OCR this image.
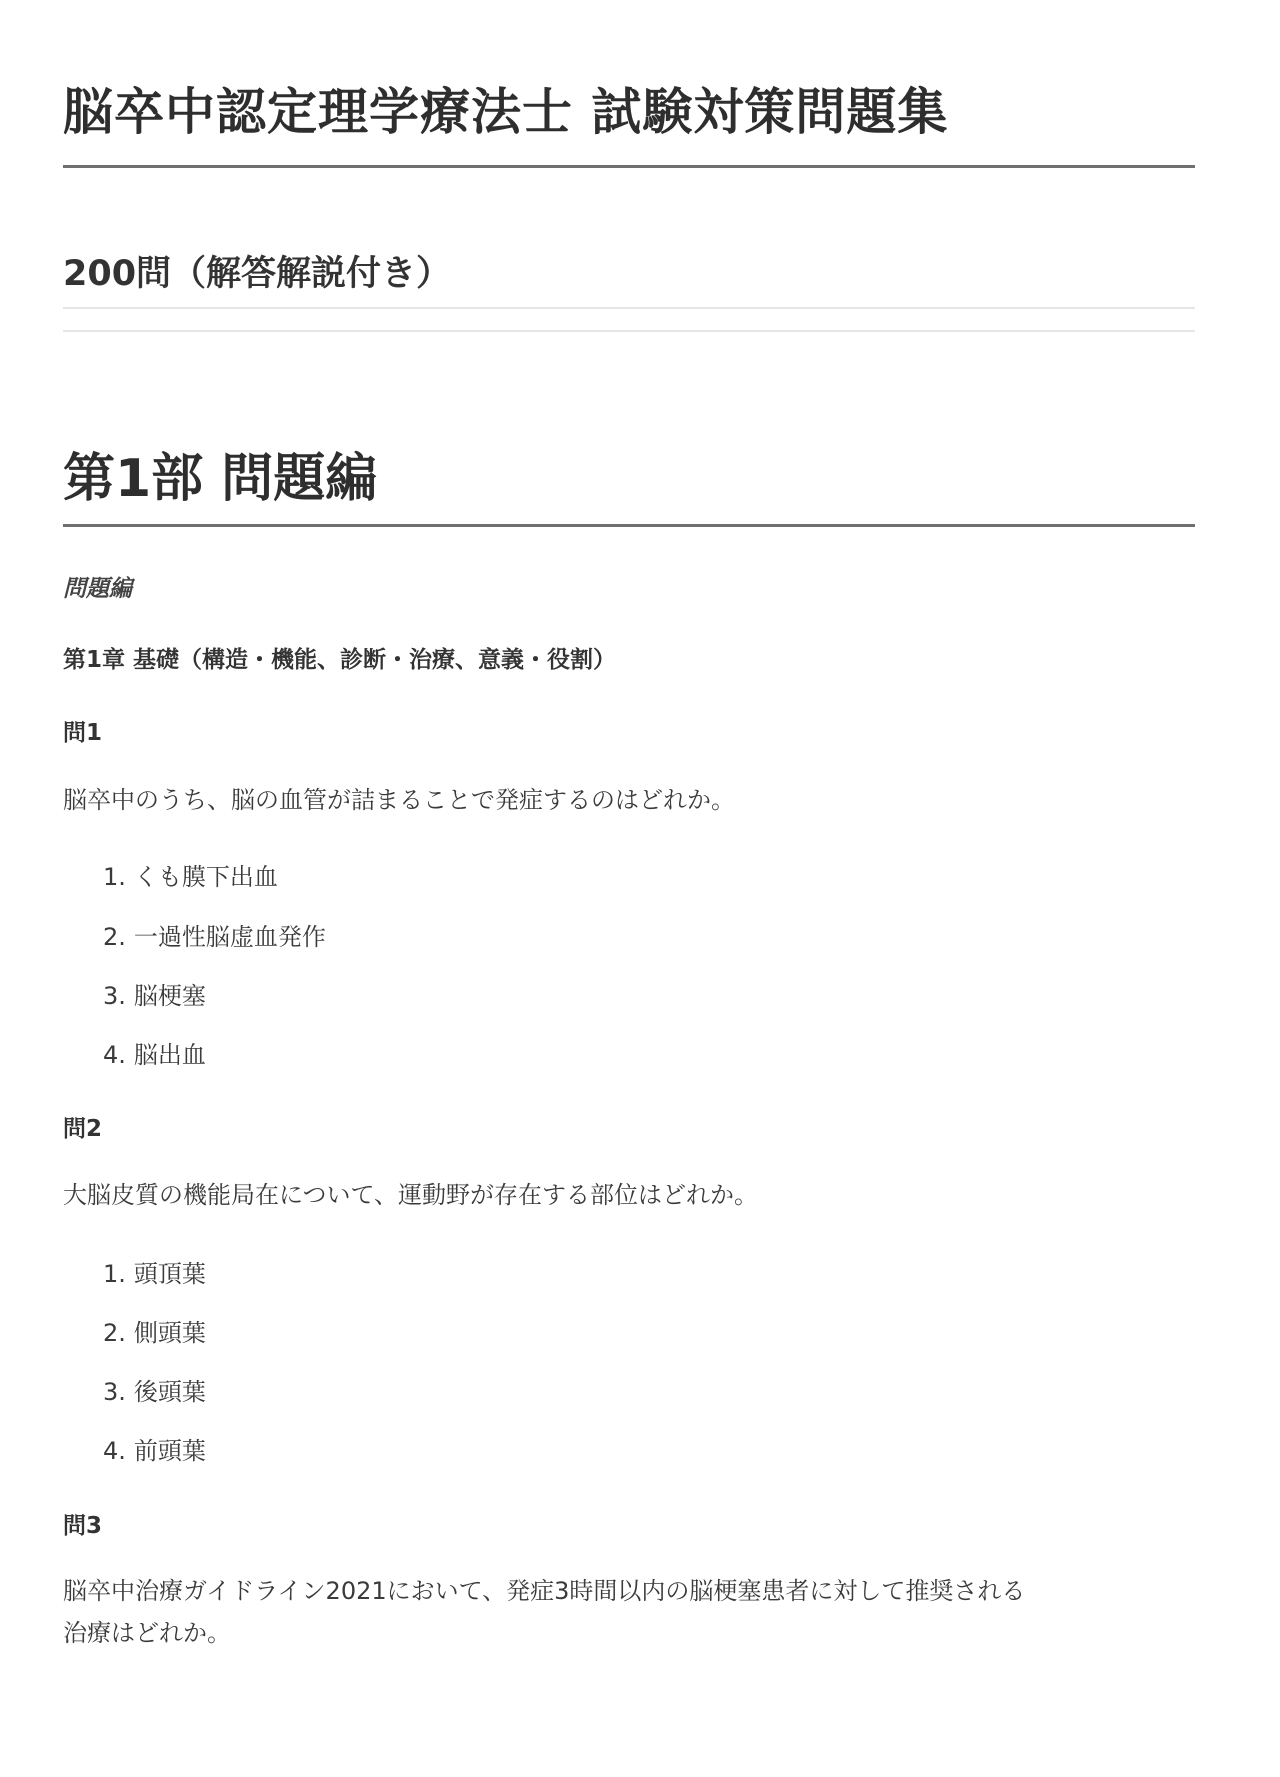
脳卒中認定理学療法士 試験対策問題集
200問（解答解説付き）
第1部 問題編
問題編
第1章 基礎（構造・機能、診断・治療、意義・役割）
問1
脳卒中のうち、脳の血管が詰まることで発症するのはどれか。
1. くも膜下出血
2. 一過性脳虚血発作
3. 脳梗塞
4. 脳出血
問2
大脳皮質の機能局在について、運動野が存在する部位はどれか。
1. 頭頂葉
2. 側頭葉
3. 後頭葉
4. 前頭葉
問3
脳卒中治療ガイドライン2021において、発症3時間以内の脳梗塞患者に対して推奨される
治療はどれか。
